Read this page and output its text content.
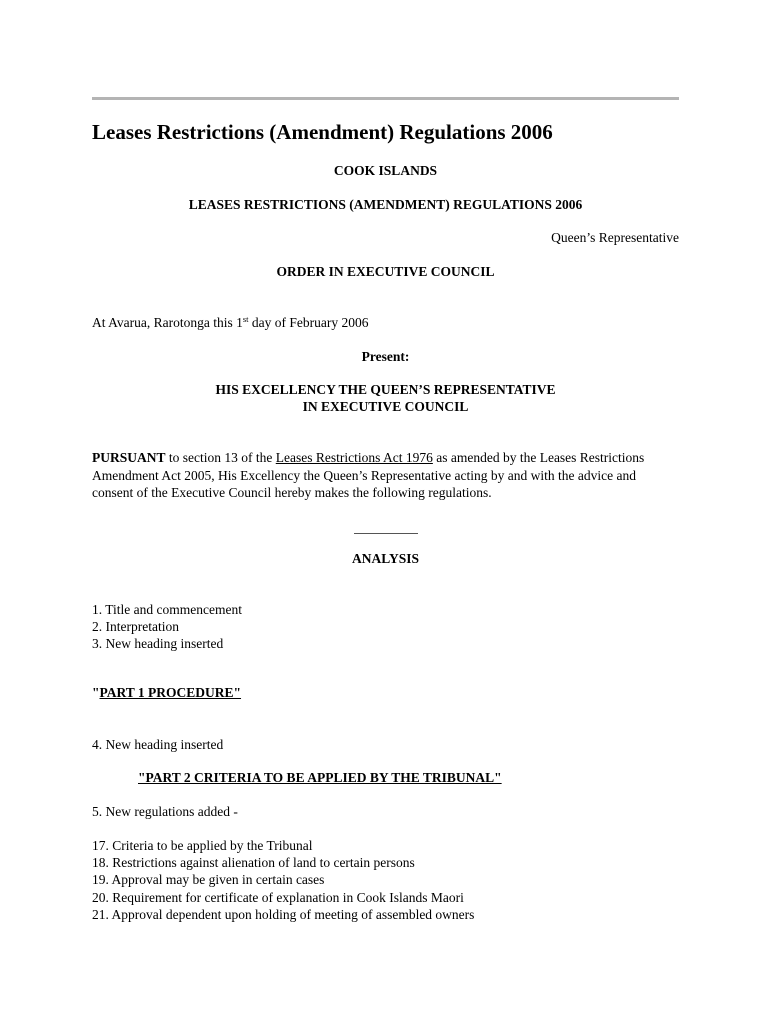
Leases Restrictions (Amendment) Regulations 2006

COOK ISLANDS

LEASES RESTRICTIONS (AMENDMENT) REGULATIONS 2006

Queen’s Representative

ORDER IN EXECUTIVE COUNCIL

At Avarua, Rarotonga this 1st day of February 2006

Present:

HIS EXCELLENCY THE QUEEN’S REPRESENTATIVE

IN EXECUTIVE COUNCIL

PURSUANT to section 13 of the Leases Restrictions Act 1976 as amended by the Leases Restrictions Amendment Act 2005, His Excellency the Queen’s Representative acting by and with the advice and consent of the Executive Council hereby makes the following regulations.

ANALYSIS

1. Title and commencement
2. Interpretation
3. New heading inserted

"PART 1 PROCEDURE"

4. New heading inserted

"PART 2 CRITERIA TO BE APPLIED BY THE TRIBUNAL"

5. New regulations added -

17. Criteria to be applied by the Tribunal
18. Restrictions against alienation of land to certain persons
19. Approval may be given in certain cases
20. Requirement for certificate of explanation in Cook Islands Maori
21. Approval dependent upon holding of meeting of assembled owners
